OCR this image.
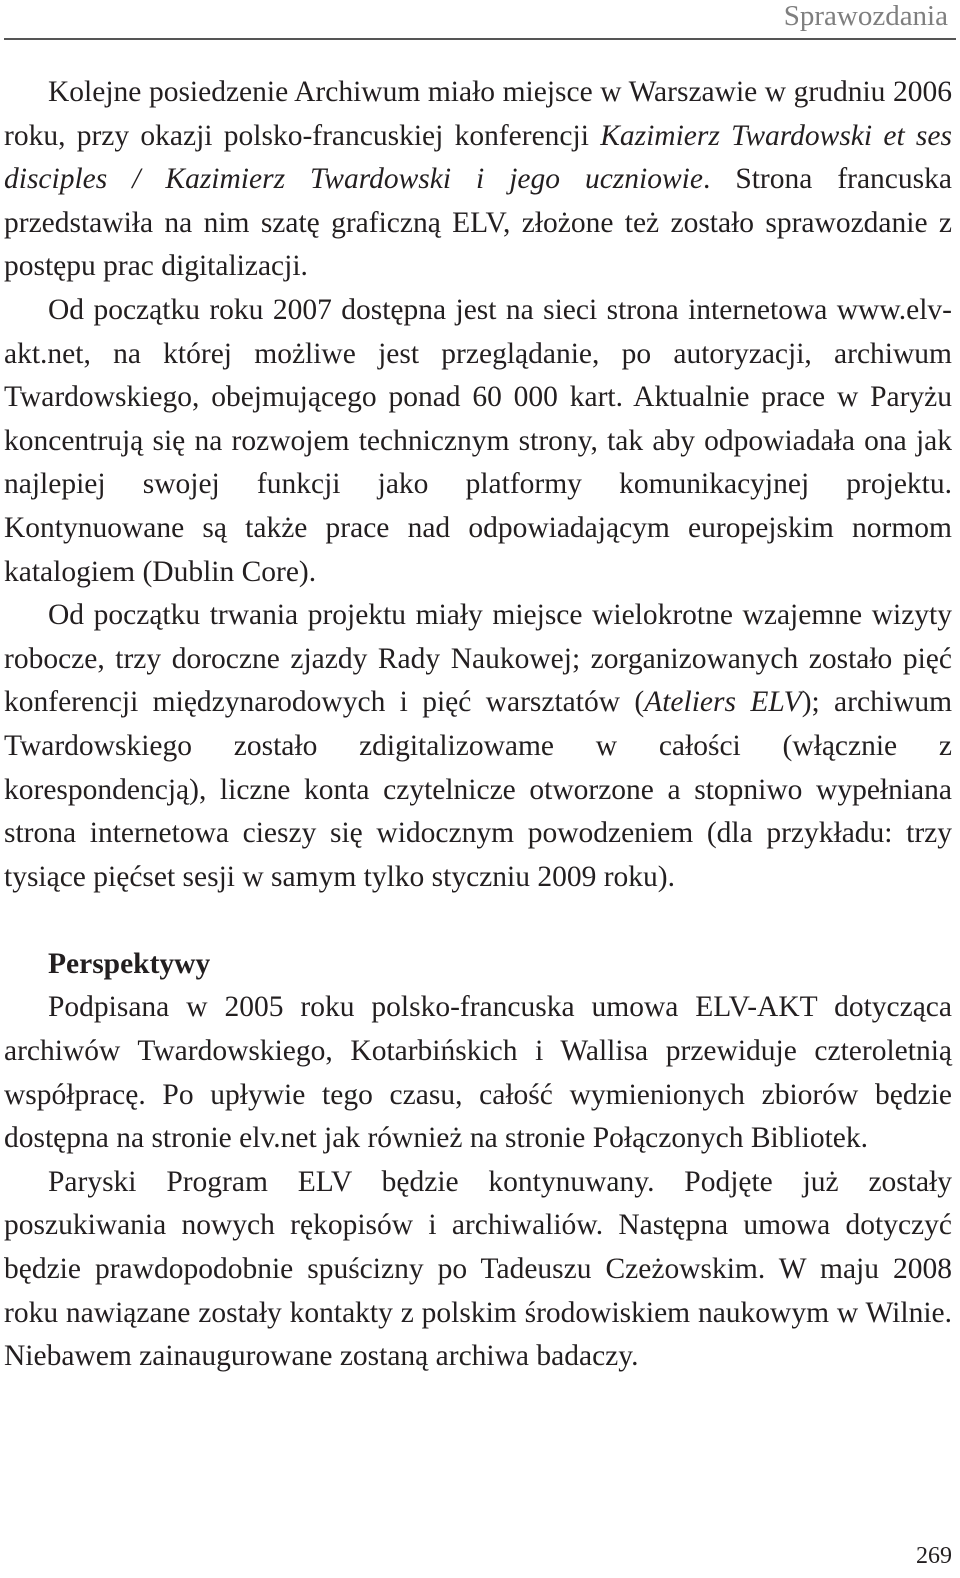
Sprawozdania

Kolejne posiedzenie Archiwum miało miejsce w Warszawie w grudniu 2006 roku, przy okazji polsko-francuskiej konferencji Kazimierz Twardowski et ses disciples / Kazimierz Twardowski i jego uczniowie. Strona francuska przedstawiła na nim szatę graficzną ELV, złożone też zostało sprawozdanie z postępu prac digitalizacji.

Od początku roku 2007 dostępna jest na sieci strona internetowa www.elv-akt.net, na której możliwe jest przeglądanie, po autoryzacji, archiwum Twardowskiego, obejmującego ponad 60 000 kart. Aktualnie prace w Paryżu koncentrują się na rozwojem technicznym strony, tak aby odpowiadała ona jak najlepiej swojej funkcji jako platformy komunikacyjnej projektu. Kontynuowane są także prace nad odpowiadającym europejskim normom katalogiem (Dublin Core).

Od początku trwania projektu miały miejsce wielokrotne wzajemne wizyty robocze, trzy doroczne zjazdy Rady Naukowej; zorganizowanych zostało pięć konferencji międzynarodowych i pięć warsztatów (Ateliers ELV); archiwum Twardowskiego zostało zdigitalizowame w całości (włącznie z korespondencją), liczne konta czytelnicze otworzone a stopniwo wypełniana strona internetowa cieszy się widocznym powodzeniem (dla przykładu: trzy tysiące pięćset sesji w samym tylko styczniu 2009 roku).

Perspektywy

Podpisana w 2005 roku polsko-francuska umowa ELV-AKT dotycząca archiwów Twardowskiego, Kotarbińskich i Wallisa przewiduje czteroletnią współpracę. Po upływie tego czasu, całość wymienionych zbiorów będzie dostępna na stronie elv.net jak również na stronie Połączonych Bibliotek.

Paryski Program ELV będzie kontynuwany. Podjęte już zostały poszukiwania nowych rękopisów i archiwaliów. Następna umowa dotyczyć będzie prawdopodobnie spuścizny po Tadeuszu Czeżowskim. W maju 2008 roku nawiązane zostały kontakty z polskim środowiskiem naukowym w Wilnie. Niebawem zainaugurowane zostaną archiwa badaczy.

269
